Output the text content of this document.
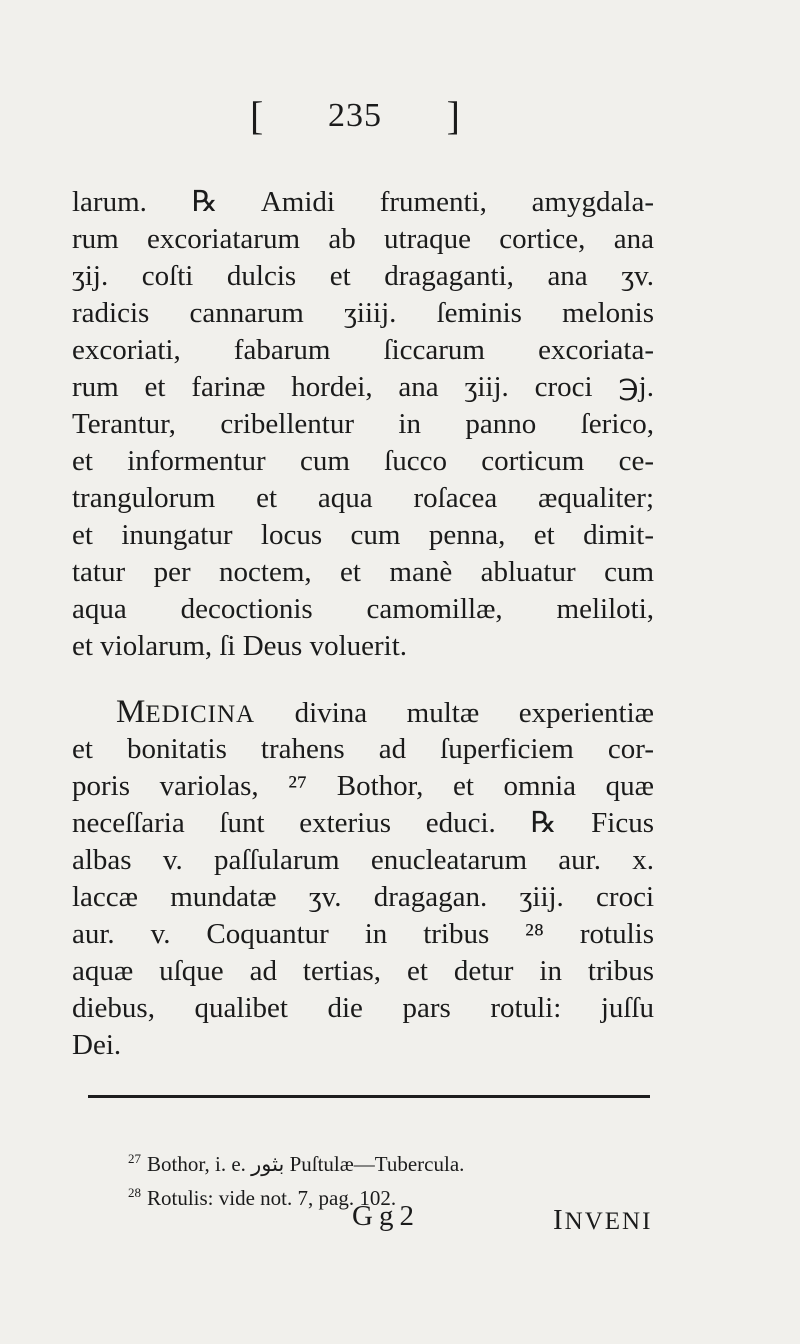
[ 235 ]
larum. ℞ Amidi frumenti, amygdala-
rum excoriatarum ab utraque cortice, ana
ʒij. coſti dulcis et dragaganti, ana ʒv.
radicis cannarum ʒiiij. ſeminis melonis
excoriati, fabarum ſiccarum excoriata-
rum et farinæ hordei, ana ʒiij. croci ℈j.
Terantur, cribellentur in panno ſerico,
et informentur cum ſucco corticum ce-
trangulorum et aqua roſacea æqualiter;
et inungatur locus cum penna, et dimit-
tatur per noctem, et manè abluatur cum
aqua decoctionis camomillæ, meliloti,
et violarum, ſi Deus voluerit.
MEDICINA divina multæ experientiæ
et bonitatis trahens ad ſuperficiem cor-
poris variolas, ²⁷ Bothor, et omnia quæ
neceſſaria ſunt exterius educi. ℞ Ficus
albas v. paſſularum enucleatarum aur. x.
laccæ mundatæ ʒv. dragagan. ʒiij. croci
aur. v. Coquantur in tribus ²⁸ rotulis
aquæ uſque ad tertias, et detur in tribus
diebus, qualibet die pars rotuli: juſſu
Dei.
$^{27}$ Bothor, i. e. بثور Puſtulæ—Tubercula.
$^{28}$ Rotulis: vide not. 7, pag. 102.
Gg2	INVENI
